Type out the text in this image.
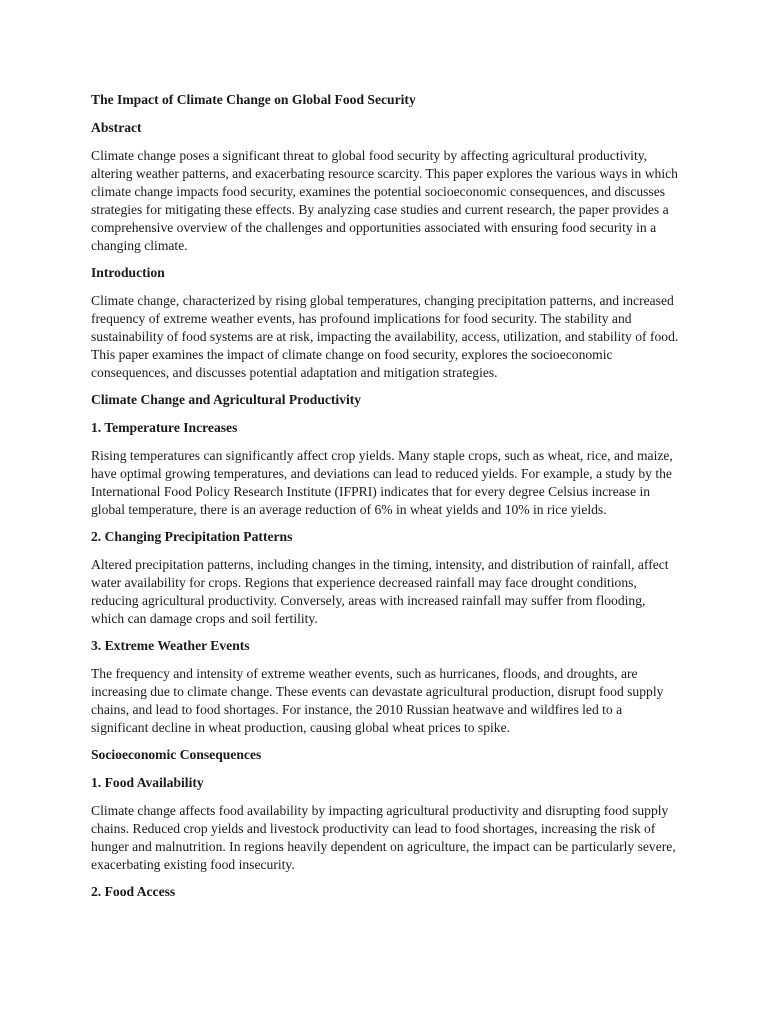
The Impact of Climate Change on Global Food Security

Abstract

Climate change poses a significant threat to global food security by affecting agricultural productivity, altering weather patterns, and exacerbating resource scarcity. This paper explores the various ways in which climate change impacts food security, examines the potential socioeconomic consequences, and discusses strategies for mitigating these effects. By analyzing case studies and current research, the paper provides a comprehensive overview of the challenges and opportunities associated with ensuring food security in a changing climate.

Introduction

Climate change, characterized by rising global temperatures, changing precipitation patterns, and increased frequency of extreme weather events, has profound implications for food security. The stability and sustainability of food systems are at risk, impacting the availability, access, utilization, and stability of food. This paper examines the impact of climate change on food security, explores the socioeconomic consequences, and discusses potential adaptation and mitigation strategies.

Climate Change and Agricultural Productivity

1. Temperature Increases

Rising temperatures can significantly affect crop yields. Many staple crops, such as wheat, rice, and maize, have optimal growing temperatures, and deviations can lead to reduced yields. For example, a study by the International Food Policy Research Institute (IFPRI) indicates that for every degree Celsius increase in global temperature, there is an average reduction of 6% in wheat yields and 10% in rice yields.

2. Changing Precipitation Patterns

Altered precipitation patterns, including changes in the timing, intensity, and distribution of rainfall, affect water availability for crops. Regions that experience decreased rainfall may face drought conditions, reducing agricultural productivity. Conversely, areas with increased rainfall may suffer from flooding, which can damage crops and soil fertility.

3. Extreme Weather Events

The frequency and intensity of extreme weather events, such as hurricanes, floods, and droughts, are increasing due to climate change. These events can devastate agricultural production, disrupt food supply chains, and lead to food shortages. For instance, the 2010 Russian heatwave and wildfires led to a significant decline in wheat production, causing global wheat prices to spike.

Socioeconomic Consequences

1. Food Availability

Climate change affects food availability by impacting agricultural productivity and disrupting food supply chains. Reduced crop yields and livestock productivity can lead to food shortages, increasing the risk of hunger and malnutrition. In regions heavily dependent on agriculture, the impact can be particularly severe, exacerbating existing food insecurity.

2. Food Access
